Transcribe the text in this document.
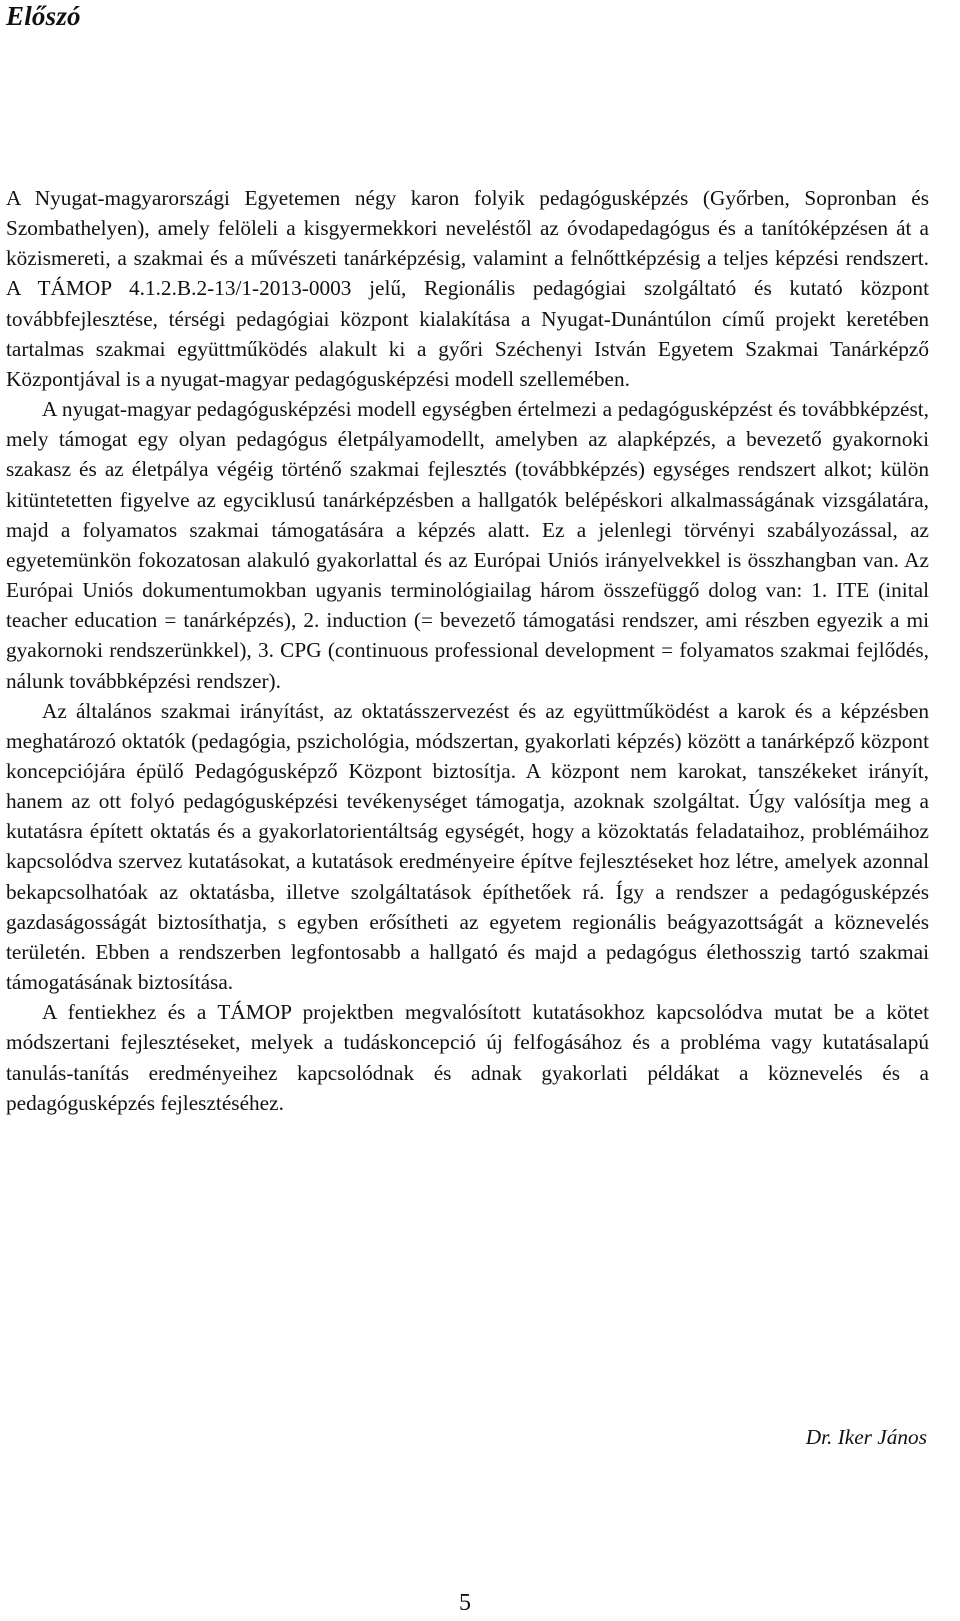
Előszó

A Nyugat-magyarországi Egyetemen négy karon folyik pedagógusképzés (Győrben, Sopronban és Szombathelyen), amely felöleli a kisgyermekkori neveléstől az óvodapedagógus és a tanítóképzésen át a közismereti, a szakmai és a művészeti tanárképzésig, valamint a felnőttképzésig a teljes képzési rendszert. A TÁMOP 4.1.2.B.2-13/1-2013-0003 jelű, Regionális pedagógiai szolgáltató és kutató központ továbbfejlesztése, térségi pedagógiai központ kialakítása a Nyugat-Dunántúlon című projekt keretében tartalmas szakmai együttműködés alakult ki a győri Széchenyi István Egyetem Szakmai Tanárképző Központjával is a nyugat-magyar pedagógusképzési modell szellemében.

A nyugat-magyar pedagógusképzési modell egységben értelmezi a pedagógusképzést és továbbképzést, mely támogat egy olyan pedagógus életpályamodellt, amelyben az alapképzés, a bevezető gyakornoki szakasz és az életpálya végéig történő szakmai fejlesztés (továbbképzés) egységes rendszert alkot; külön kitüntetetten figyelve az egyciklusú tanárképzésben a hallgatók belépéskori alkalmasságának vizsgálatára, majd a folyamatos szakmai támogatására a képzés alatt. Ez a jelenlegi törvényi szabályozással, az egyetemünkön fokozatosan alakuló gyakorlattal és az Európai Uniós irányelvekkel is összhangban van. Az Európai Uniós dokumentumokban ugyanis terminológiailag három összefüggő dolog van: 1. ITE (inital teacher education = tanárképzés), 2. induction (= bevezető támogatási rendszer, ami részben egyezik a mi gyakornoki rendszerünkkel), 3. CPG (continuous professional development = folyamatos szakmai fejlődés, nálunk továbbképzési rendszer).

Az általános szakmai irányítást, az oktatásszervezést és az együttműködést a karok és a képzésben meghatározó oktatók (pedagógia, pszichológia, módszertan, gyakorlati képzés) között a tanárképző központ koncepciójára épülő Pedagógusképző Központ biztosítja. A központ nem karokat, tanszékeket irányít, hanem az ott folyó pedagógusképzési tevékenységet támogatja, azoknak szolgáltat. Úgy valósítja meg a kutatásra épített oktatás és a gyakorlatorientáltság egységét, hogy a közoktatás feladataihoz, problémáihoz kapcsolódva szervez kutatásokat, a kutatások eredményeire építve fejlesztéseket hoz létre, amelyek azonnal bekapcsolhatóak az oktatásba, illetve szolgáltatások építhetőek rá. Így a rendszer a pedagógusképzés gazdaságosságát biztosíthatja, s egyben erősítheti az egyetem regionális beágyazottságát a köznevelés területén. Ebben a rendszerben legfontosabb a hallgató és majd a pedagógus élethosszig tartó szakmai támogatásának biztosítása.

A fentiekhez és a TÁMOP projektben megvalósított kutatásokhoz kapcsolódva mutat be a kötet módszertani fejlesztéseket, melyek a tudáskoncepció új felfogásához és a probléma vagy kutatásalapú tanulás-tanítás eredményeihez kapcsolódnak és adnak gyakorlati példákat a köznevelés és a pedagógusképzés fejlesztéséhez.

Dr. Iker János

5
